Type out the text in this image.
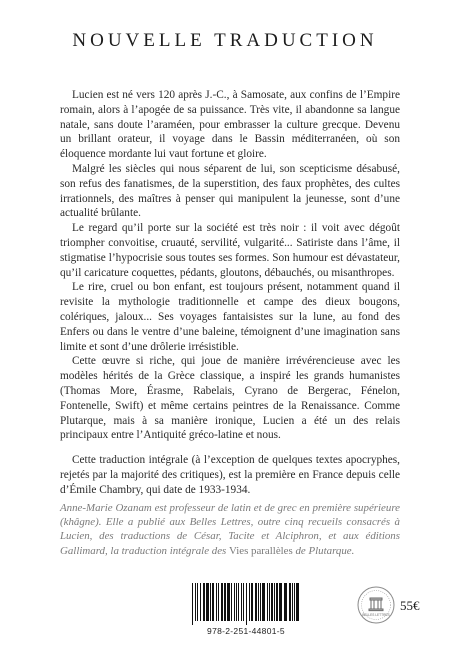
NOUVELLE TRADUCTION

Lucien est né vers 120 après J.-C., à Samosate, aux confins de l’Empire romain, alors à l’apogée de sa puissance. Très vite, il abandonne sa langue natale, sans doute l’araméen, pour embrasser la culture grecque. Devenu un brillant orateur, il voyage dans le Bassin méditerranéen, où son éloquence mordante lui vaut fortune et gloire.

Malgré les siècles qui nous séparent de lui, son scepticisme désabusé, son refus des fanatismes, de la superstition, des faux prophètes, des cultes irrationnels, des maîtres à penser qui manipulent la jeunesse, sont d’une actualité brûlante.

Le regard qu’il porte sur la société est très noir : il voit avec dégoût triompher convoitise, cruauté, servilité, vulgarité... Satiriste dans l’âme, il stigmatise l’hypocrisie sous toutes ses formes. Son humour est dévastateur, qu’il caricature coquettes, pédants, gloutons, débauchés, ou misanthropes.

Le rire, cruel ou bon enfant, est toujours présent, notamment quand il revisite la mythologie traditionnelle et campe des dieux bougons, colériques, jaloux... Ses voyages fantaisistes sur la lune, au fond des Enfers ou dans le ventre d’une baleine, témoignent d’une imagination sans limite et sont d’une drôlerie irrésistible.

Cette œuvre si riche, qui joue de manière irrévérencieuse avec les modèles hérités de la Grèce classique, a inspiré les grands humanistes (Thomas More, Érasme, Rabelais, Cyrano de Bergerac, Fénelon, Fontenelle, Swift) et même certains peintres de la Renaissance. Comme Plutarque, mais à sa manière ironique, Lucien a été un des relais principaux entre l’Antiquité gréco-latine et nous.

Cette traduction intégrale (à l’exception de quelques textes apocryphes, rejetés par la majorité des critiques), est la première en France depuis celle d’Émile Chambry, qui date de 1933-1934.

Anne-Marie Ozanam est professeur de latin et de grec en première supérieure (khâgne). Elle a publié aux Belles Lettres, outre cinq recueils consacrés à Lucien, des traductions de César, Tacite et Alciphron, et aux éditions Gallimard, la traduction intégrale des Vies parallèles de Plutarque.
978-2-251-44801-5
BELLES LETTRES
55€
